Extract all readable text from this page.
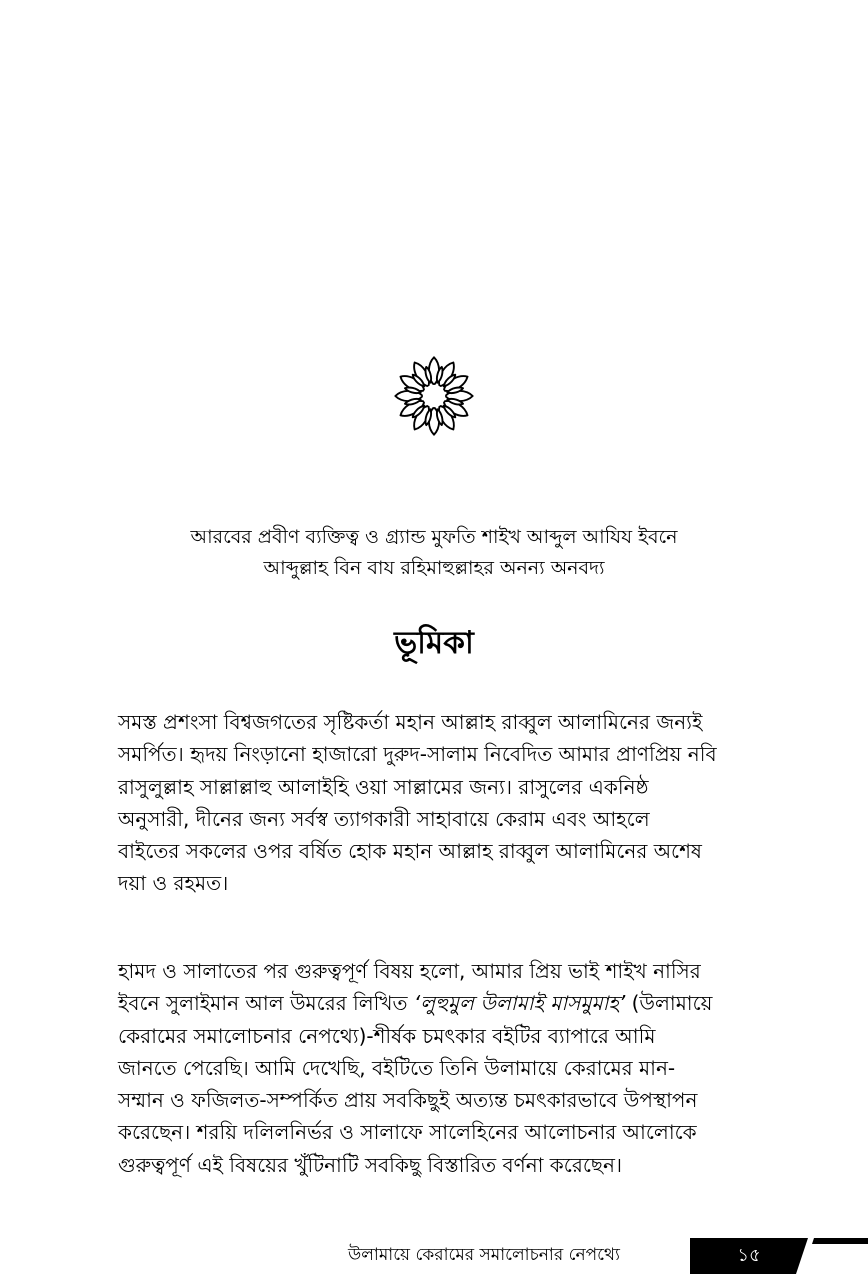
আরবের প্রবীণ ব্যক্তিত্ব ও গ্র্যান্ড মুফতি শাইখ আব্দুল আযিয ইবনে
আব্দুল্লাহ বিন বায রহিমাহুল্লাহর অনন্য অনবদ্য
ভূমিকা

সমস্ত প্রশংসা বিশ্বজগতের সৃষ্টিকর্তা মহান আল্লাহ রাব্বুল আলামিনের জন্যই
সমর্পিত। হৃদয় নিংড়ানো হাজারো দুরুদ-সালাম নিবেদিত আমার প্রাণপ্রিয় নবি
রাসুলুল্লাহ সাল্লাল্লাহু আলাইহি ওয়া সাল্লামের জন্য। রাসুলের একনিষ্ঠ
অনুসারী, দীনের জন্য সর্বস্ব ত্যাগকারী সাহাবায়ে কেরাম এবং আহলে
বাইতের সকলের ওপর বর্ষিত হোক মহান আল্লাহ রাব্বুল আলামিনের অশেষ
দয়া ও রহমত।

হামদ ও সালাতের পর গুরুত্বপূর্ণ বিষয় হলো, আমার প্রিয় ভাই শাইখ নাসির
ইবনে সুলাইমান আল উমরের লিখিত ‘লুহুমুল উলামাই মাসমুমাহ’ (উলামায়ে
কেরামের সমালোচনার নেপথ্যে)-শীর্ষক চমৎকার বইটির ব্যাপারে আমি
জানতে পেরেছি। আমি দেখেছি, বইটিতে তিনি উলামায়ে কেরামের মান-
সম্মান ও ফজিলত-সম্পর্কিত প্রায় সবকিছুই অত্যন্ত চমৎকারভাবে উপস্থাপন
করেছেন। শরয়ি দলিলনির্ভর ও সালাফে সালেহিনের আলোচনার আলোকে
গুরুত্বপূর্ণ এই বিষয়ের খুঁটিনাটি সবকিছু বিস্তারিত বর্ণনা করেছেন।

উলামায়ে কেরামের সমালোচনার নেপথ্যে	১৫
